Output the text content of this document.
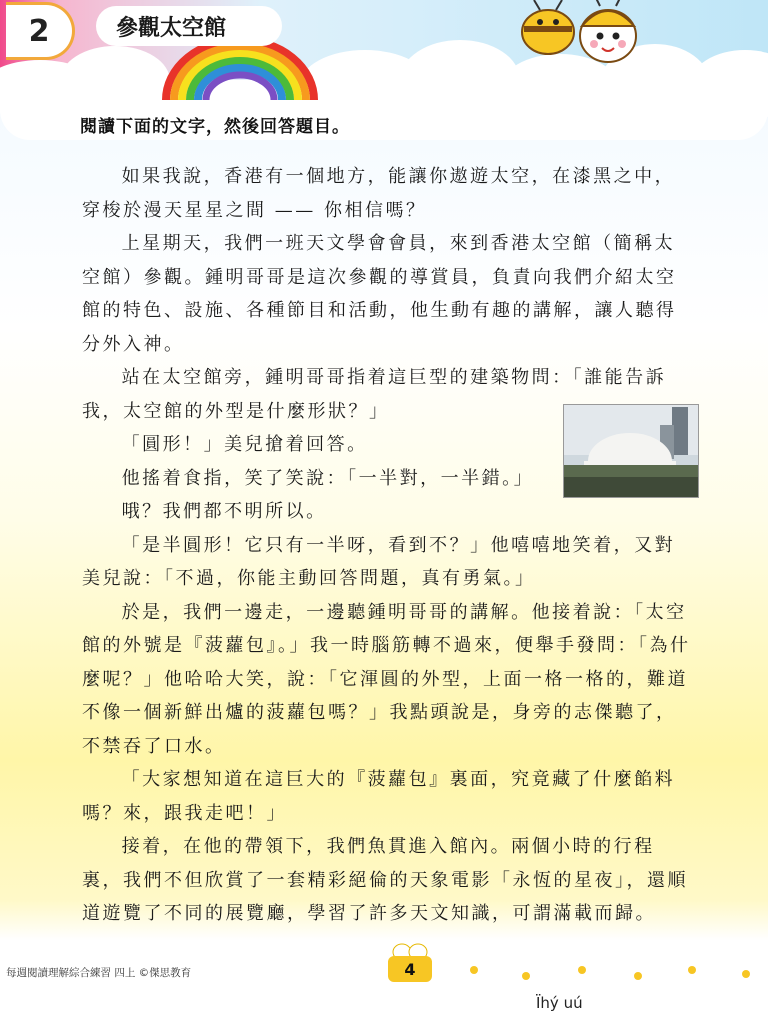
2	參觀太空館
閱讀下面的文字，然後回答題目。

如果我說，香港有一個地方，能讓你遨遊太空，在漆黑之中，穿梭於漫天星星之間 —— 你相信嗎？

上星期天，我們一班天文學會會員，來到香港太空館（簡稱太空館）參觀。鍾明哥哥是這次參觀的導賞員，負責向我們介紹太空館的特色、設施、各種節目和活動，他生動有趣的講解，讓人聽得分外入神。

站在太空館旁，鍾明哥哥指着這巨型的建築物問：「誰能告訴我，太空館的外型是什麼形狀？」

「圓形！」美兒搶着回答。

他搖着食指，笑了笑說：「一半對，一半錯。」

哦？我們都不明所以。

「是半圓形！它只有一半呀，看到不？」他嘻嘻地笑着，又對美兒說：「不過，你能主動回答問題，真有勇氣。」

於是，我們一邊走，一邊聽鍾明哥哥的講解。他接着說：「太空館的外號是『菠蘿包』。」我一時腦筋轉不過來，便舉手發問：「為什麼呢？」他哈哈大笑，說：「它渾圓的外型，上面一格一格的，難道不像一個新鮮出爐的菠蘿包嗎？」我點頭說是，身旁的志傑聽了，不禁吞了口水。

「大家想知道在這巨大的『菠蘿包』裏面，究竟藏了什麼餡料嗎？來，跟我走吧！」

接着，在他的帶領下，我們魚貫進入館內。兩個小時的行程裏，我們不但欣賞了一套精彩絕倫的天象電影「永恆的星夜」，還順道遊覽了不同的展覽廳，學習了許多天文知識，可謂滿載而歸。

4
每週閱讀理解綜合練習 四上 ©傑思教育
Ïhý uú
